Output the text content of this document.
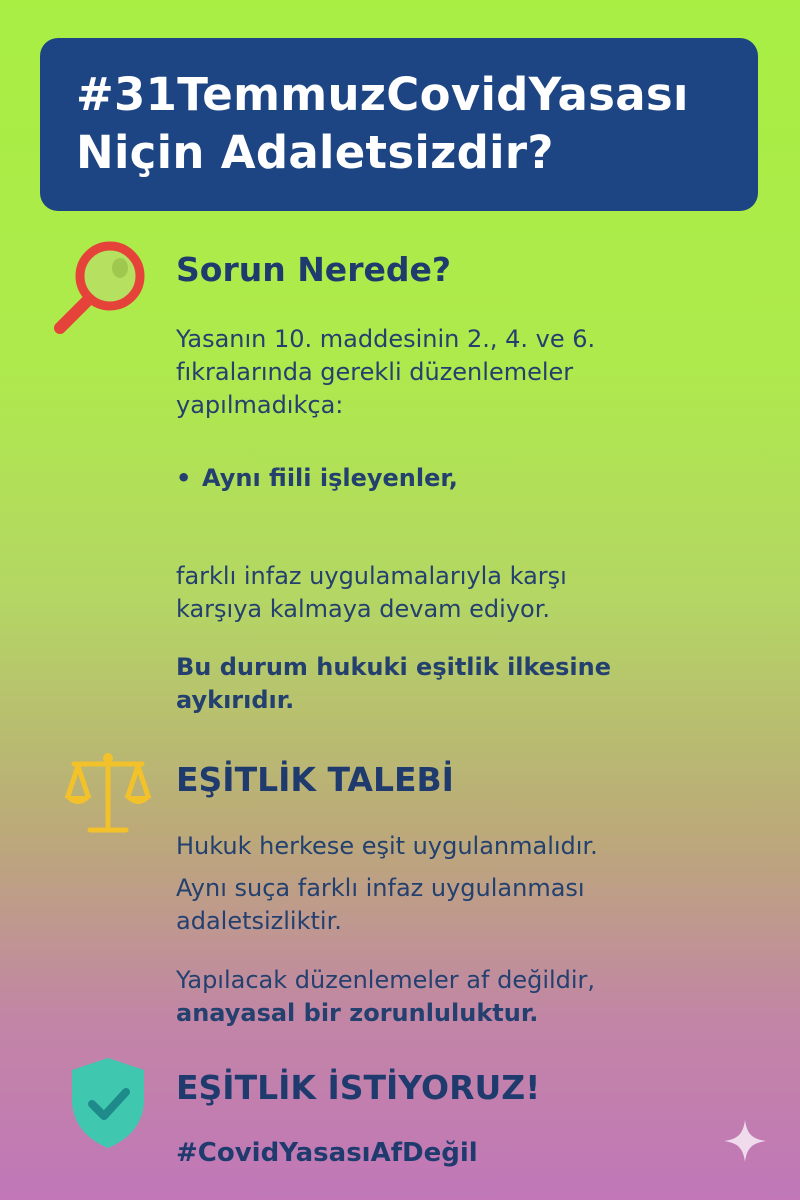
#31TemmuzCovidYasası
Niçin Adaletsizdir?
Sorun Nerede?
Yasanın 10. maddesinin 2., 4. ve 6.
fıkralarında gerekli düzenlemeler
yapılmadıkça:
• Aynı fiili işleyenler,
farklı infaz uygulamalarıyla karşı
karşıya kalmaya devam ediyor.
Bu durum hukuki eşitlik ilkesine
aykırıdır.
EŞİTLİK TALEBİ
Hukuk herkese eşit uygulanmalıdır.
Aynı suça farklı infaz uygulanması
adaletsizliktir.
Yapılacak düzenlemeler af değildir,
anayasal bir zorunluluktur.
EŞİTLİK İSTİYORUZ!
#CovidYasasıAfDeğil
